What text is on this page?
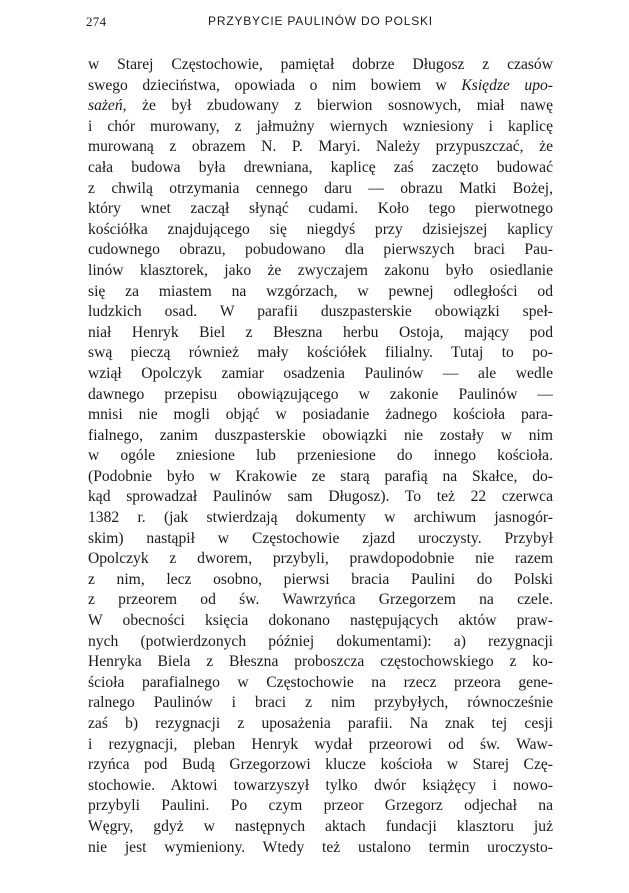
274	PRZYBYCIE PAULINÓW DO POLSKI
w Starej Częstochowie, pamiętał dobrze Długosz z czasów
swego dzieciństwa, opowiada o nim bowiem w Księdze upo-
sażeń, że był zbudowany z bierwion sosnowych, miał nawę
i chór murowany, z jałmużny wiernych wzniesiony i kaplicę
murowaną z obrazem N. P. Maryi. Należy przypuszczać, że
cała budowa była drewniana, kaplicę zaś zaczęto budować
z chwilą otrzymania cennego daru — obrazu Matki Bożej,
który wnet zaczął słynąć cudami. Koło tego pierwotnego
kościółka znajdującego się niegdyś przy dzisiejszej kaplicy
cudownego obrazu, pobudowano dla pierwszych braci Pau-
linów klasztorek, jako że zwyczajem zakonu było osiedlanie
się za miastem na wzgórzach, w pewnej odległości od
ludzkich osad. W parafii duszpasterskie obowiązki speł-
niał Henryk Biel z Błeszna herbu Ostoja, mający pod
swą pieczą również mały kościółek filialny. Tutaj to po-
wziął Opolczyk zamiar osadzenia Paulinów — ale wedle
dawnego przepisu obowiązującego w zakonie Paulinów —
mnisi nie mogli objąć w posiadanie żadnego kościoła para-
fialnego, zanim duszpasterskie obowiązki nie zostały w nim
w ogóle zniesione lub przeniesione do innego kościoła.
(Podobnie było w Krakowie ze starą parafią na Skałce, do-
kąd sprowadzał Paulinów sam Długosz). To też 22 czerwca
1382 r. (jak stwierdzają dokumenty w archiwum jasnogór-
skim) nastąpił w Częstochowie zjazd uroczysty. Przybył
Opolczyk z dworem, przybyli, prawdopodobnie nie razem
z nim, lecz osobno, pierwsi bracia Paulini do Polski
z przeorem od św. Wawrzyńca Grzegorzem na czele.
W obecności księcia dokonano następujących aktów praw-
nych (potwierdzonych później dokumentami): a) rezygnacji
Henryka Biela z Błeszna proboszcza częstochowskiego z ko-
ścioła parafialnego w Częstochowie na rzecz przeora gene-
ralnego Paulinów i braci z nim przybyłych, równocześnie
zaś b) rezygnacji z uposażenia parafii. Na znak tej cesji
i rezygnacji, pleban Henryk wydał przeorowi od św. Waw-
rzyńca pod Budą Grzegorzowi klucze kościoła w Starej Czę-
stochowie. Aktowi towarzyszył tylko dwór książęcy i nowo-
przybyli Paulini. Po czym przeor Grzegorz odjechał na
Węgry, gdyż w następnych aktach fundacji klasztoru już
nie jest wymieniony. Wtedy też ustalono termin uroczysto-
